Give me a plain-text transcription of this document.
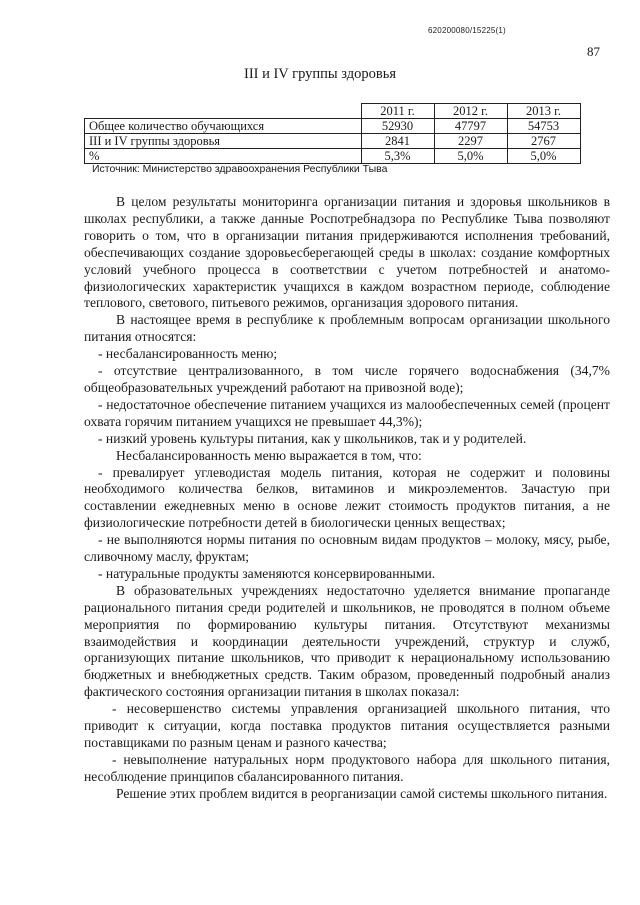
620200080/15225(1)
87
III и IV группы здоровья
	2011 г.	2012 г.	2013 г.
Общее количество обучающихся	52930	47797	54753
III и IV группы здоровья	2841	2297	2767
%	5,3%	5,0%	5,0%
Источник: Министерство здравоохранения Республики Тыва

В целом результаты мониторинга организации питания и здоровья школьников в школах республики, а также данные Роспотребнадзора по Республике Тыва позволяют говорить о том, что в организации питания придерживаются исполнения требований, обеспечивающих создание здоровьесберегающей среды в школах: создание комфортных условий учебного процесса в соответствии с учетом потребностей и анатомо-физиологических характеристик учащихся в каждом возрастном периоде, соблюдение теплового, светового, питьевого режимов, организация здорового питания.

В настоящее время в республике к проблемным вопросам организации школьного питания относятся:

- несбалансированность меню;

- отсутствие централизованного, в том числе горячего водоснабжения (34,7% общеобразовательных учреждений работают на привозной воде);

- недостаточное обеспечение питанием учащихся из малообеспеченных семей (процент охвата горячим питанием учащихся не превышает 44,3%);

- низкий уровень культуры питания, как у школьников, так и у родителей.

Несбалансированность меню выражается в том, что:

- превалирует углеводистая модель питания, которая не содержит и половины необходимого количества белков, витаминов и микроэлементов. Зачастую при составлении ежедневных меню в основе лежит стоимость продуктов питания, а не физиологические потребности детей в биологически ценных веществах;

- не выполняются нормы питания по основным видам продуктов – молоку, мясу, рыбе, сливочному маслу, фруктам;

- натуральные продукты заменяются консервированными.

В образовательных учреждениях недостаточно уделяется внимание пропаганде рационального питания среди родителей и школьников, не проводятся в полном объеме мероприятия по формированию культуры питания. Отсутствуют механизмы взаимодействия и координации деятельности учреждений, структур и служб, организующих питание школьников, что приводит к нерациональному использованию бюджетных и внебюджетных средств. Таким образом, проведенный подробный анализ фактического состояния организации питания в школах показал:

- несовершенство системы управления организацией школьного питания, что приводит к ситуации, когда поставка продуктов питания осуществляется разными поставщиками по разным ценам и разного качества;

- невыполнение натуральных норм продуктового набора для школьного питания, несоблюдение принципов сбалансированного питания.

Решение этих проблем видится в реорганизации самой системы школьного питания.
